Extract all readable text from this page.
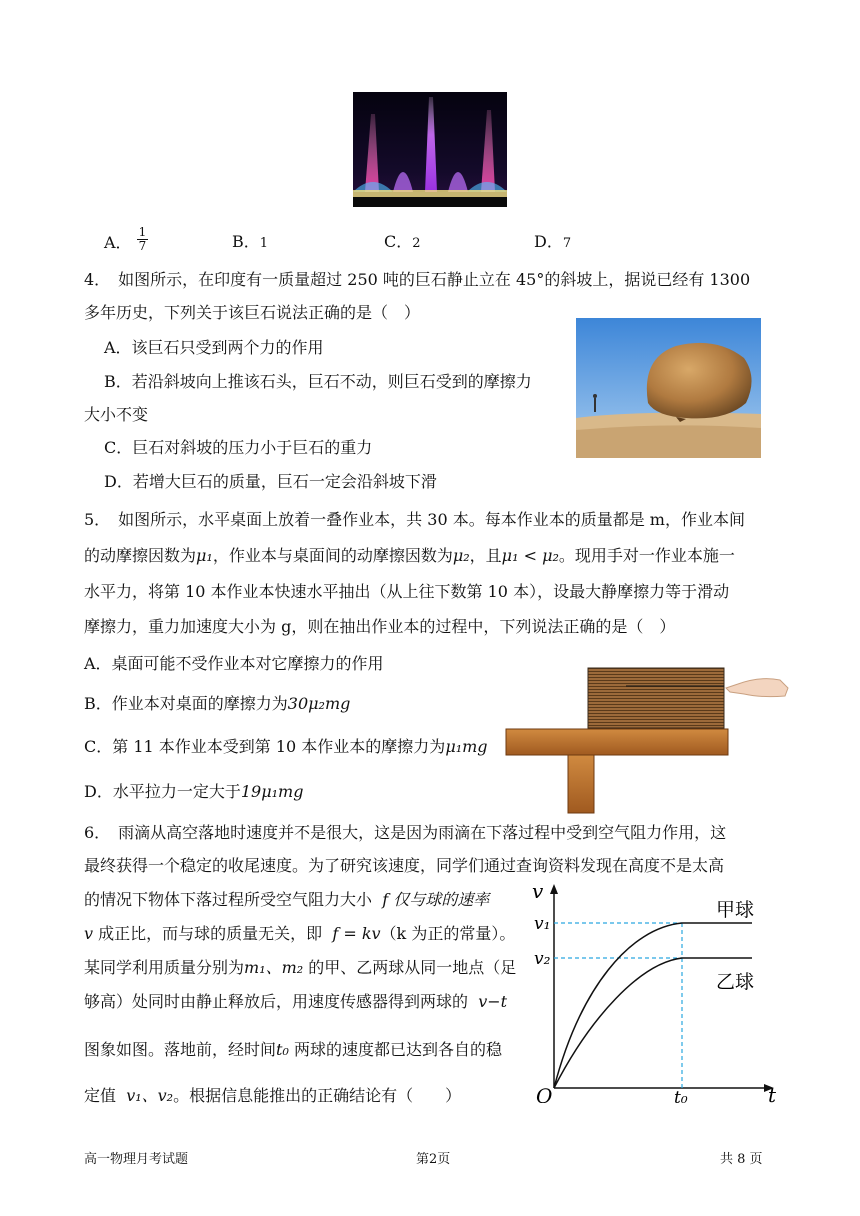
A． $\frac{1}{7}$	B．1	C．2	D．7
4．　如图所示，在印度有一质量超过 250 吨的巨石静止立在 45°的斜坡上，据说已经有 1300
多年历史，下列关于该巨石说法正确的是（　）
A．该巨石只受到两个力的作用
B．若沿斜坡向上推该石头，巨石不动，则巨石受到的摩擦力
大小不变
C．巨石对斜坡的压力小于巨石的重力
D．若增大巨石的质量，巨石一定会沿斜坡下滑
5．　如图所示，水平桌面上放着一叠作业本，共 30 本。每本作业本的质量都是 m，作业本间
的动摩擦因数为μ₁，作业本与桌面间的动摩擦因数为μ₂，且μ₁ < μ₂。现用手对一作业本施一
水平力，将第 10 本作业本快速水平抽出（从上往下数第 10 本），设最大静摩擦力等于滑动
摩擦力，重力加速度大小为 g，则在抽出作业本的过程中，下列说法正确的是（　）
A．桌面可能不受作业本对它摩擦力的作用
B．作业本对桌面的摩擦力为30μ₂mg
C．第 11 本作业本受到第 10 本作业本的摩擦力为μ₁mg
D．水平拉力一定大于19μ₁mg
6．　雨滴从高空落地时速度并不是很大，这是因为雨滴在下落过程中受到空气阻力作用，这
最终获得一个稳定的收尾速度。为了研究该速度，同学们通过查询资料发现在高度不是太高
的情况下物体下落过程所受空气阻力大小 f 仅与球的速率
v 成正比，而与球的质量无关，即 f = kv（k 为正的常量）。
某同学利用质量分别为m₁、m₂ 的甲、乙两球从同一地点（足
够高）处同时由静止释放后，用速度传感器得到两球的 v−t
图象如图。落地前，经时间t₀ 两球的速度都已达到各自的稳
定值 v₁、v₂。根据信息能推出的正确结论有（　　）
v
t
O
v₁
v₂
t₀
甲球
乙球
高一物理月考试题	第2页	共 8 页
